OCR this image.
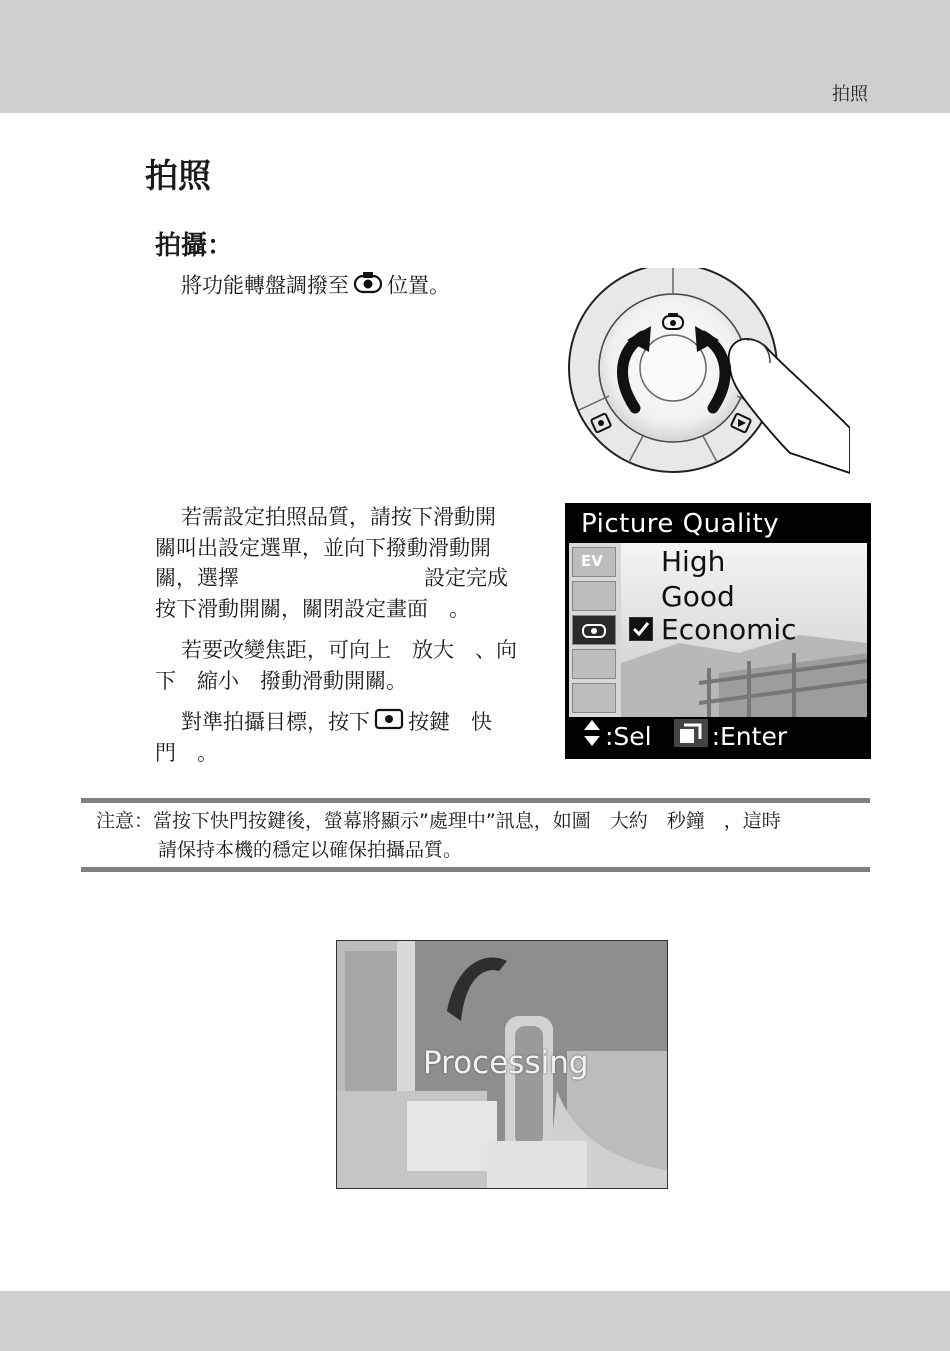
拍照
拍照
拍攝：

將功能轉盤調撥至 位置。

若需設定拍照品質，請按下滑動開
關叫出設定選單，並向下撥動滑動開
關，選擇	設定完成
按下滑動開關，關閉設定畫面　。

若要改變焦距，可向上　放大　、向
下　縮小　撥動滑動開關。

對準拍攝目標，按下 按鍵　快
門　。

Picture Quality
EV High
Good
Economic
:Sel :Enter
注意：當按下快門按鍵後，螢幕將顯示”處理中”訊息，如圖　大約　秒鐘　，這時
請保持本機的穩定以確保拍攝品質。
Processing
